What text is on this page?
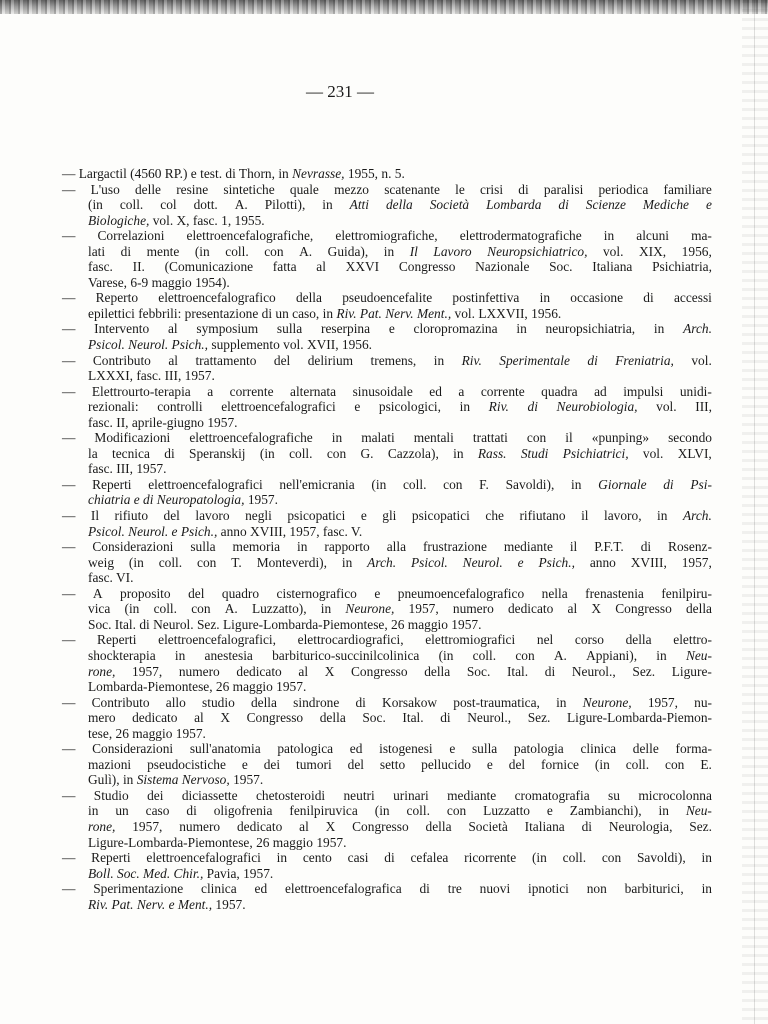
— 231 —
— Largactil (4560 RP.) e test. di Thorn, in Nevrasse, 1955, n. 5.
— L'uso delle resine sintetiche quale mezzo scatenante le crisi di paralisi periodica familiare
(in coll. col dott. A. Pilotti), in Atti della Società Lombarda di Scienze Mediche e
Biologiche, vol. X, fasc. 1, 1955.
— Correlazioni elettroencefalografiche, elettromiografiche, elettrodermatografiche in alcuni ma-
lati di mente (in coll. con A. Guida), in Il Lavoro Neuropsichiatrico, vol. XIX, 1956,
fasc. II. (Comunicazione fatta al XXVI Congresso Nazionale Soc. Italiana Psichiatria,
Varese, 6-9 maggio 1954).
— Reperto elettroencefalografico della pseudoencefalite postinfettiva in occasione di accessi
epilettici febbrili: presentazione di un caso, in Riv. Pat. Nerv. Ment., vol. LXXVII, 1956.
— Intervento al symposium sulla reserpina e cloropromazina in neuropsichiatria, in Arch.
Psicol. Neurol. Psich., supplemento vol. XVII, 1956.
— Contributo al trattamento del delirium tremens, in Riv. Sperimentale di Freniatria, vol.
LXXXI, fasc. III, 1957.
— Elettrourto-terapia a corrente alternata sinusoidale ed a corrente quadra ad impulsi unidi-
rezionali: controlli elettroencefalografici e psicologici, in Riv. di Neurobiologia, vol. III,
fasc. II, aprile-giugno 1957.
— Modificazioni elettroencefalografiche in malati mentali trattati con il «punping» secondo
la tecnica di Speranskij (in coll. con G. Cazzola), in Rass. Studi Psichiatrici, vol. XLVI,
fasc. III, 1957.
— Reperti elettroencefalografici nell'emicrania (in coll. con F. Savoldi), in Giornale di Psi-
chiatria e di Neuropatologia, 1957.
— Il rifiuto del lavoro negli psicopatici e gli psicopatici che rifiutano il lavoro, in Arch.
Psicol. Neurol. e Psich., anno XVIII, 1957, fasc. V.
— Considerazioni sulla memoria in rapporto alla frustrazione mediante il P.F.T. di Rosenz-
weig (in coll. con T. Monteverdi), in Arch. Psicol. Neurol. e Psich., anno XVIII, 1957,
fasc. VI.
— A proposito del quadro cisternografico e pneumoencefalografico nella frenastenia fenilpiru-
vica (in coll. con A. Luzzatto), in Neurone, 1957, numero dedicato al X Congresso della
Soc. Ital. di Neurol. Sez. Ligure-Lombarda-Piemontese, 26 maggio 1957.
— Reperti elettroencefalografici, elettrocardiografici, elettromiografici nel corso della elettro-
shockterapia in anestesia barbiturico-succinilcolinica (in coll. con A. Appiani), in Neu-
rone, 1957, numero dedicato al X Congresso della Soc. Ital. di Neurol., Sez. Ligure-
Lombarda-Piemontese, 26 maggio 1957.
— Contributo allo studio della sindrone di Korsakow post-traumatica, in Neurone, 1957, nu-
mero dedicato al X Congresso della Soc. Ital. di Neurol., Sez. Ligure-Lombarda-Piemon-
tese, 26 maggio 1957.
— Considerazioni sull'anatomia patologica ed istogenesi e sulla patologia clinica delle forma-
mazioni pseudocistiche e dei tumori del setto pellucido e del fornice (in coll. con E.
Gulì), in Sistema Nervoso, 1957.
— Studio dei diciassette chetosteroidi neutri urinari mediante cromatografia su microcolonna
in un caso di oligofrenia fenilpiruvica (in coll. con Luzzatto e Zambianchi), in Neu-
rone, 1957, numero dedicato al X Congresso della Società Italiana di Neurologia, Sez.
Ligure-Lombarda-Piemontese, 26 maggio 1957.
— Reperti elettroencefalografici in cento casi di cefalea ricorrente (in coll. con Savoldi), in
Boll. Soc. Med. Chir., Pavia, 1957.
— Sperimentazione clinica ed elettroencefalografica di tre nuovi ipnotici non barbiturici, in
Riv. Pat. Nerv. e Ment., 1957.
